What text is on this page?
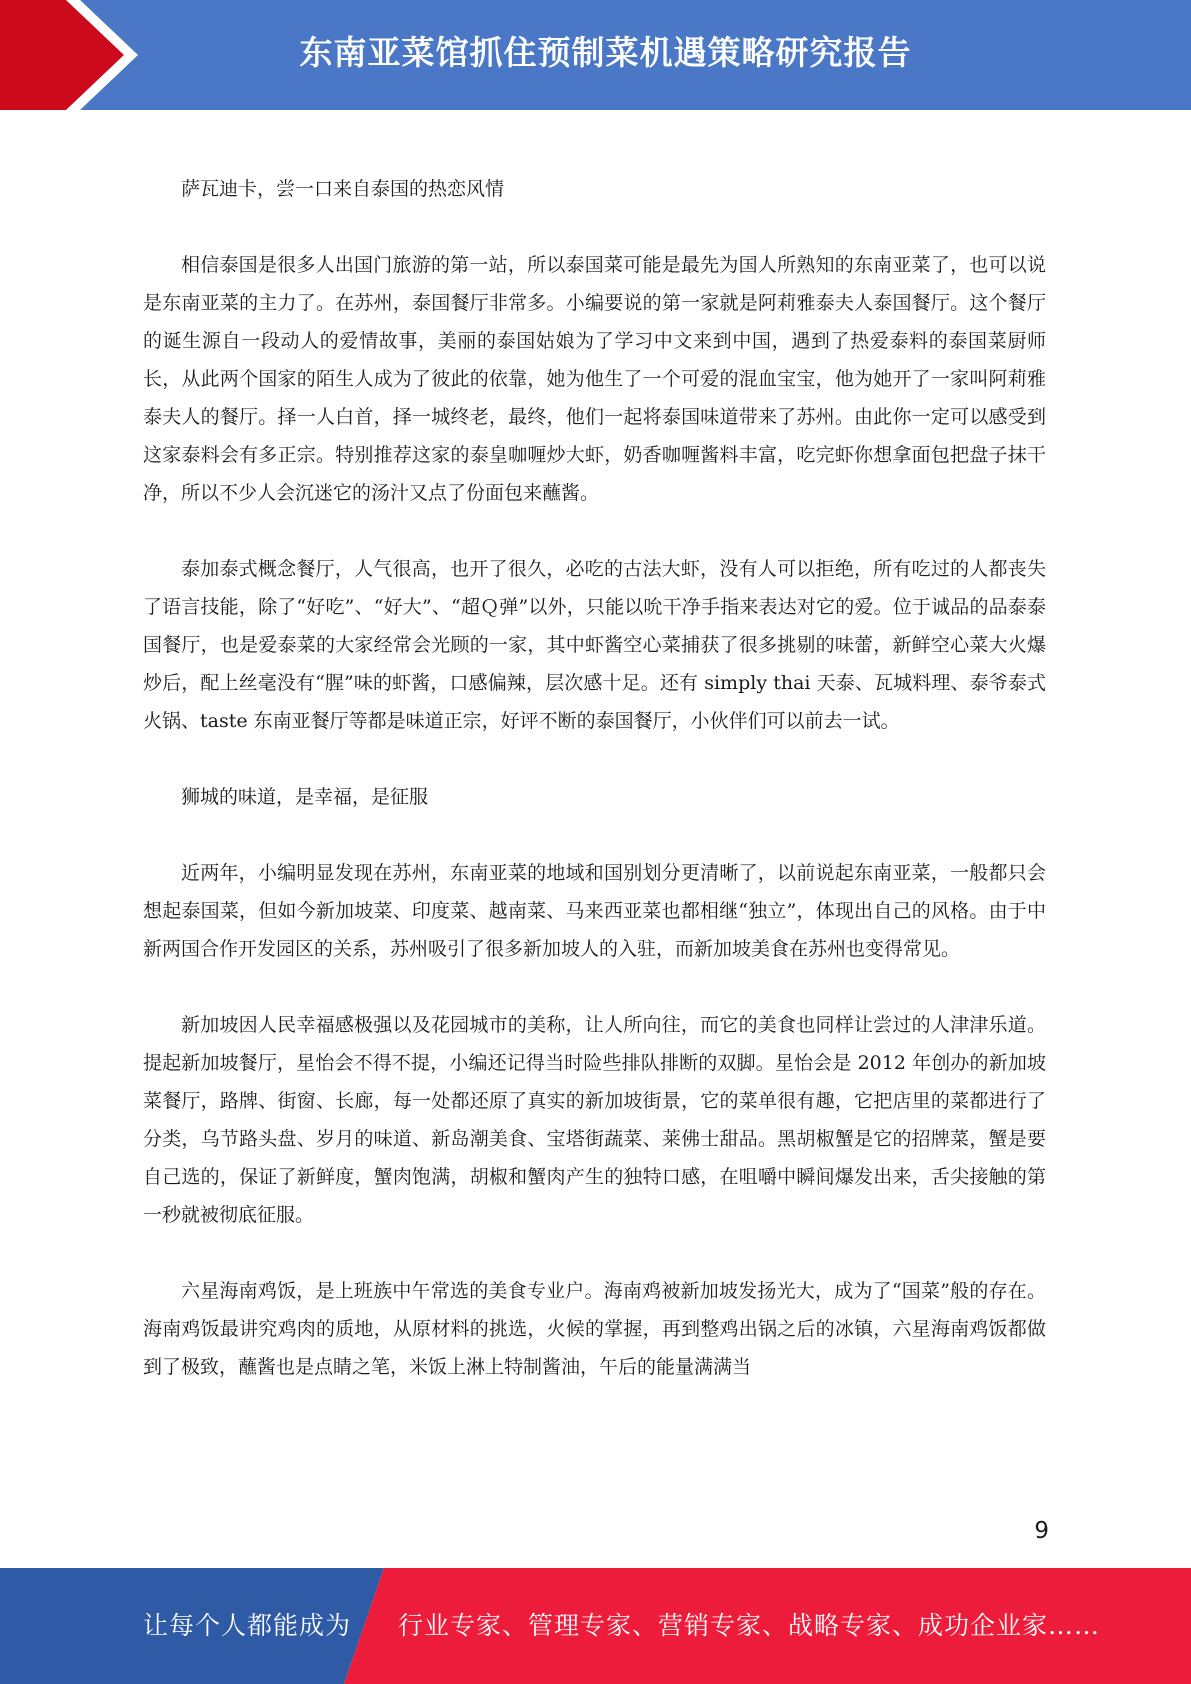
东南亚菜馆抓住预制菜机遇策略研究报告

萨瓦迪卡，尝一口来自泰国的热恋风情

相信泰国是很多人出国门旅游的第一站，所以泰国菜可能是最先为国人所熟知的东南亚菜了，也可以说是东南亚菜的主力了。在苏州，泰国餐厅非常多。小编要说的第一家就是阿莉雅泰夫人泰国餐厅。这个餐厅的诞生源自一段动人的爱情故事，美丽的泰国姑娘为了学习中文来到中国，遇到了热爱泰料的泰国菜厨师长，从此两个国家的陌生人成为了彼此的依靠，她为他生了一个可爱的混血宝宝，他为她开了一家叫阿莉雅泰夫人的餐厅。择一人白首，择一城终老，最终，他们一起将泰国味道带来了苏州。由此你一定可以感受到这家泰料会有多正宗。特别推荐这家的泰皇咖喱炒大虾，奶香咖喱酱料丰富，吃完虾你想拿面包把盘子抹干净，所以不少人会沉迷它的汤汁又点了份面包来蘸酱。

泰加泰式概念餐厅，人气很高，也开了很久，必吃的古法大虾，没有人可以拒绝，所有吃过的人都丧失了语言技能，除了“好吃”、“好大”、“超Ｑ弹”以外，只能以吮干净手指来表达对它的爱。位于诚品的品泰泰国餐厅，也是爱泰菜的大家经常会光顾的一家，其中虾酱空心菜捕获了很多挑剔的味蕾，新鲜空心菜大火爆炒后，配上丝毫没有“腥”味的虾酱，口感偏辣，层次感十足。还有 simply thai 天泰、瓦城料理、泰爷泰式火锅、taste 东南亚餐厅等都是味道正宗，好评不断的泰国餐厅，小伙伴们可以前去一试。

狮城的味道，是幸福，是征服

近两年，小编明显发现在苏州，东南亚菜的地域和国别划分更清晰了，以前说起东南亚菜，一般都只会想起泰国菜，但如今新加坡菜、印度菜、越南菜、马来西亚菜也都相继“独立”，体现出自己的风格。由于中新两国合作开发园区的关系，苏州吸引了很多新加坡人的入驻，而新加坡美食在苏州也变得常见。

新加坡因人民幸福感极强以及花园城市的美称，让人所向往，而它的美食也同样让尝过的人津津乐道。提起新加坡餐厅，星怡会不得不提，小编还记得当时险些排队排断的双脚。星怡会是 2012 年创办的新加坡菜餐厅，路牌、街窗、长廊，每一处都还原了真实的新加坡街景，它的菜单很有趣，它把店里的菜都进行了分类，乌节路头盘、岁月的味道、新岛潮美食、宝塔街蔬菜、莱佛士甜品。黑胡椒蟹是它的招牌菜，蟹是要自己选的，保证了新鲜度，蟹肉饱满，胡椒和蟹肉产生的独特口感，在咀嚼中瞬间爆发出来，舌尖接触的第一秒就被彻底征服。

六星海南鸡饭，是上班族中午常选的美食专业户。海南鸡被新加坡发扬光大，成为了“国菜”般的存在。海南鸡饭最讲究鸡肉的质地，从原材料的挑选，火候的掌握，再到整鸡出锅之后的冰镇，六星海南鸡饭都做到了极致，蘸酱也是点睛之笔，米饭上淋上特制酱油，午后的能量满满当

9
让每个人都能成为 行业专家、管理专家、营销专家、战略专家、成功企业家……
